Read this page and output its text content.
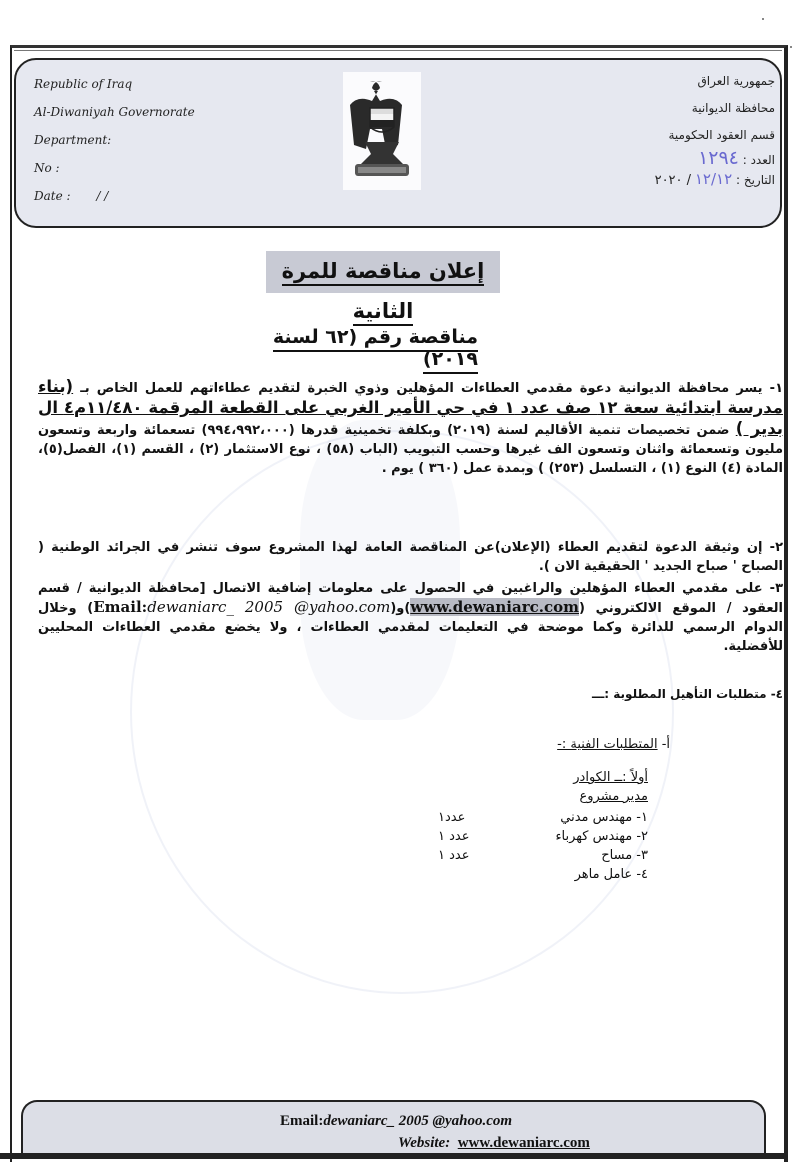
Republic of Iraq
Al-Diwaniyah Governorate
Department:
No :
Date : / /
جمهورية العراق
محافظة الديوانية
قسم العقود الحكومية
العدد : ١٢٩٤
التاريخ : ١٢/١٢ / ٢٠٢٠
إعلان مناقصة للمرة الثانية
مناقصة رقم (٦٢ لسنة ٢٠١٩)
١- يسر محافظة الديوانية دعوة مقدمي العطاءات المؤهلين وذوي الخبرة لتقديم عطاءاتهم للعمل الخاص بـ (بناء مدرسة ابتدائية سعة ١٢ صف عدد ١ في حي الأمير الغربي على القطعة المرقمة ١١/٤٨٠م٤ ال بدير ) ضمن تخصيصات تنمية الأقاليم لسنة (٢٠١٩) وبكلفة تخمينية قدرها (٩٩٤،٩٩٢،٠٠٠) تسعمائة واربعة وتسعون مليون وتسعمائة واثنان وتسعون الف غيرها وحسب التبويب (الباب (٥٨) ، نوع الاستثمار (٢) ، القسم (١)، الفصل(٥)، المادة (٤) النوع (١) ، التسلسل (٢٥٣) ) وبمدة عمل (٣٦٠ ) يوم .
٢- إن وثيقة الدعوة لتقديم العطاء (الإعلان)عن المناقصة العامة لهذا المشروع سوف تنشر في الجرائد الوطنية ( الصباح ' صباح الجديد ' الحقيقية الان ).
٣- على مقدمي العطاء المؤهلين والراغبين في الحصول على معلومات إضافية الاتصال [محافظة الديوانية / قسم العقود / الموقع الالكتروني (www.dewaniarc.com)و(Email:dewaniarc_ 2005 @yahoo.com) وخلال الدوام الرسمي للدائرة وكما موضحة في التعليمات لمقدمي العطاءات ، ولا يخضع مقدمي العطاءات المحليين للأفضلية.
٤- متطلبات التأهيل المطلوبة :ـــ
أ- المتطلبات الفنية :-
أولاً :ــ الكوادر
مدير مشروع
١- مهندس مدني
عدد١
٢- مهندس كهرباء
عدد ١
٣- مساح
عدد ١
٤- عامل ماهر
Email:dewaniarc_ 2005 @yahoo.com
Website: www.dewaniarc.com
